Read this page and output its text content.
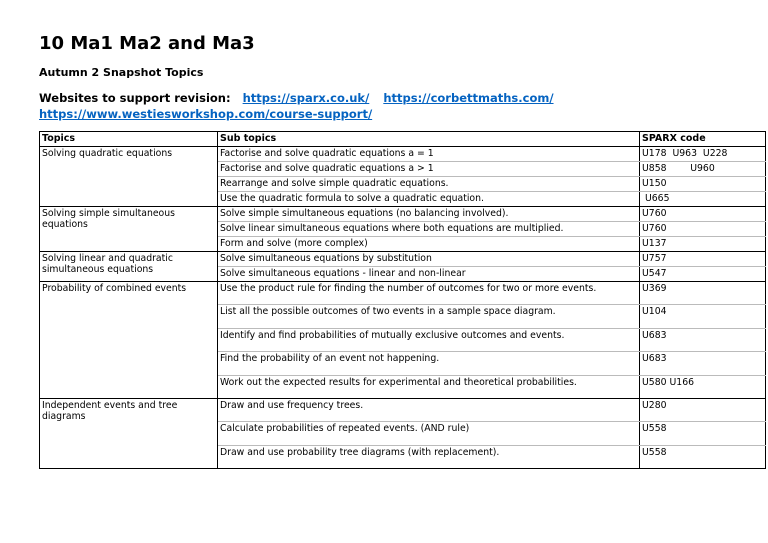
10 Ma1 Ma2 and Ma3
Autumn 2 Snapshot Topics
Websites to support revision: https://sparx.co.uk/ https://corbettmaths.com/
https://www.westiesworkshop.com/course-support/
Topics	Sub topics	SPARX code
Solving quadratic equations	Factorise and solve quadratic equations a = 1	U178  U963  U228
	Factorise and solve quadratic equations a > 1	U858        U960
	Rearrange and solve simple quadratic equations.	U150
	Use the quadratic formula to solve a quadratic equation.	U665
Solving simple simultaneous equations	Solve simple simultaneous equations (no balancing involved).	U760
	Solve linear simultaneous equations where both equations are multiplied.	U760
	Form and solve (more complex)	U137
Solving linear and quadratic simultaneous equations	Solve simultaneous equations by substitution	U757
	Solve simultaneous equations - linear and non-linear	U547
Probability of combined events	Use the product rule for finding the number of outcomes for two or more events.	U369
	List all the possible outcomes of two events in a sample space diagram.	U104
	Identify and find probabilities of mutually exclusive outcomes and events.	U683
	Find the probability of an event not happening.	U683
	Work out the expected results for experimental and theoretical probabilities.	U580 U166
Independent events and tree diagrams	Draw and use frequency trees.	U280
	Calculate probabilities of repeated events. (AND rule)	U558
	Draw and use probability tree diagrams (with replacement).	U558
